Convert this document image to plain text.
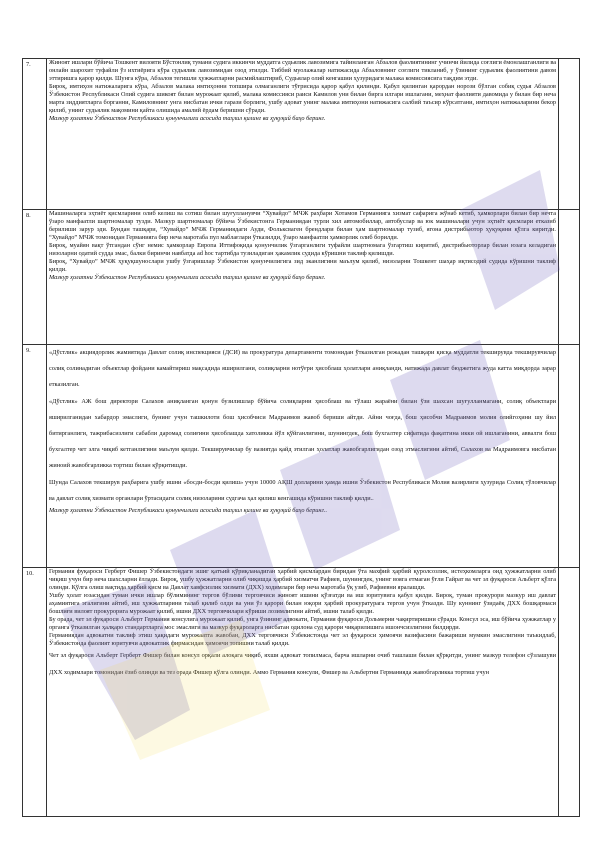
7.	Жиноят ишлари бўйича Тошкент вилояти Бўстонлиқ тумани судига иккинчи муддатга судьялик лавозимига тайинланган Абзалов фаолиятининг учинчи йилида соғлиги ёмонлашганлиги ва онлайн шарохит туфайли ўз ихтиёрига кўра судьялик лавозимидан озод этилди. Тиббий муолажалар натижасида Абзаловнинг соғлиги тикланиб, у ўзининг судьялик фаолиятини давом эттиришга қарор қилди. Шунга кўра, Абзалов тегишли ҳужжатларни расмийлаштириб, Судьялар олий кенгашии ҳузуридаги малака комиссиясига тақдим этди.

Бироқ, имтиҳон натижаларига кўра, Абзалов малака имтиҳонни топшира олмаганлиги тўғрисида қарор қабул қилинди. Қабул қилинган қарордан норози бўлган собиқ судья Абзалов Ўзбекистон Республикаси Олий судига шикоят билан мурожаат қилиб, малака комиссияси раиси Камилов уни билан бирга илгари ишлагани, меҳнат фаолияти давомида у билан бир неча марта зиддиятларга борганни, Камиловнинг унга нисбатан ички гарази борлиги, ушбу адоват унинг малака имтиҳони натижасига салбий таъсир кўрсатгани, имтиҳон натижаларини бекор қилиб, унинг судьялик мақомини қайта олишида амалий ёрдам беришни сўради.

Мазкур ҳолатни Ўзбекистон Республикаси қонунчилиги асосида таҳлил қилинг ва ҳуқуқий баҳо беринг.	

8.	Машиналарга эҳтиёт қисмларини олиб келиш ва сотиш билан шуғулланувчи “Хувайдо” МЧЖ раҳбари Хотамов Германияга хизмат сафарига жўнаб кетиб, ҳамкорлари билан бир нечта ўзаро манфаатли шартномалар тузди. Мазкур шартномалар бўйича Ўзбекистонга Германиядан турли хил автомобиллар, автобуслар ва юк машиналари учун эҳтиёт қисмлари етказиб берилиши зарур эди. Бундан ташқари, “Хувайдо” МЧЖ Германиядаги Ауди, Фольксваген брендлари билан ҳам шартномалар тузиб, ягона дистрибьютор ҳуқуқини қўлга киритди. “Хувайдо” МЧЖ томонидан Германияга бир неча маротаба пул маблағлари ўтказилди, ўзаро манфаатли ҳамкорлик олиб борилди.

Бироқ, муайян вақт ўтгандан сўнг немис ҳамкорлар Европа Иттифоқида қонунчилик ўзгарганлиги туфайли шартномага ўзгартиш киритиб, дистрибьюторлар билан юзага келадиган низоларни одатий судда эмас, балки биринчи навбатда ad hoc тартибда тузиладиган ҳакамлик судида кўришни таклиф қилишди.

Бироқ, “Хувайдо” МЧЖ ҳуқуқшунослари ушбу ўзгаришлар Ўзбекистон қонунчилигига зид эканлигини маълум қилиб, низоларни Тошкент шаҳар иқтисодий судида кўришни таклиф қилди.

Мазкур ҳолатни Ўзбекистон Республикаси қонунчилиги асосида таҳлил қилинг ва ҳуқуқий баҳо беринг.	

9.	«Дўстлик» акциядорлик жамиятида Давлат солиқ инспекцияси (ДСИ) ва прокуратура департаменти томонидан ўтказилган режадан ташқари қисқа муддатли текширувда текширувчилар солиқ солинадиган объектлар фойдани камайтириш мақсадида яширилгани, солиқларни нотўғри ҳисоблаш ҳолатлари аниқланди, натижада давлат бюджетига жуда катта миқдорда зарар етказилган.

«Дўстлик» АЖ бош директори Салахов аниқланган қонун бузилишлар бўйича солиқларни ҳисоблаш ва тўлаш жараёни билан ўзи шахсан шуғулланмагани, солиқ объектлари яширилганидан хабардор эмаслиги, бунинг учун ташкилоти бош ҳисобчиси Мадраимов жавоб бериши айтди. Айни чоғда, бош ҳисобчи Мадраимов молия олийгоҳини шу йил битирганлиги, тажрибасизлиги сабабли даромад солиғини ҳисоблашда хатоликка йўл қўйганлигини, шунингдек, бош бухгалтер сифатида фақатгина икки ой ишлаганини, аввалги бош бухгалтер чет элга чиқиб кетганлигини маълум қилди. Текширувчилар бу вазиятда қайд этилган ҳолатлар жавобгарлигидан озод этмаслигини айтиб, Салахов ва Мадраимовга нисбатан жиноий жавобгарликка тортиш билан қўрқитишди.

Шунда Салахов текширув раҳбарига ушбу ишни «босди-босди қилиш» учун 10000 АҚШ долларини ҳамда ишни Ўзбекистон Республикаси Молия вазирлиги ҳузурида Солиқ тўловчилар ва давлат солиқ хизмати органлари ўртасидаги солиқ низоларини судгача ҳал қилиш кенгашида кўришни таклиф қилди..

Мазкур ҳолатни Ўзбекистон Республикаси қонунчилиги асосида таҳлил қилинг ва ҳуқуқий баҳо беринг..	

10.	Германия фуқароси Герберт Фишер Ўзбекистондаги эшиг қатъий қўриқланадиган ҳарбий қисмлардан биридан ўта махфий ҳарбий қуролсозлик, истеҳкомларга оид ҳужжатларни олиб чиқиш учун бир неча шахсларни ёллади. Бироқ, ушбу ҳужжатларни олиб чиқишда ҳарбий хизматчи Рафиев, шунингдек, унинг вояга етмаган ўғли Гайрат ва чет эл фуқароси Альберт қўлга олинди. Қўлга олиш вақтида ҳарбий қисм ва Давлат хавфсизлик хизмати (ДХХ) ходимлари бир неча маротаба ўқ узиб, Рафиевни яралашди.

Ушбу ҳолат юзасидан туман ички ишлар бўлимининг тергов бўлими терговчиси жиноят ишини қўзғатди ва иш юритувига қабул қилди. Бироқ, туман прокурори мазкур иш давлат аҳамиятига эгалигини айтиб, иш ҳужжатларини талаб қилиб олди ва уни ўз қарори билан юқори ҳарбий прокуратурага тергов учун ўтказди. Шу куннинг ўзидаёқ ДХХ бошқармаси бошлиғи вилоят прокурорига мурожаат қилиб, ишни ДХХ терговчилари кўриши лозимлигини айтиб, ишни талаб қилди.

Бу орада, чет эл фуқароси Альберт Германия консулига мурожаат қилиб, унга ўзининг адвокати, Германия фуқароси Дольмерни чақиртиришни сўради. Консул эса, иш бўйича ҳужжатлар у органга ўтказилган ҳалқаро стандартларга мос эмаслиги ва мазкур фуқароларга нисбатан одилона суд қарори чиқарилишига ишончсизлигини билдирди.

Германиядан адвокатни таклиф этиш ҳақидаги мурожаатга жавобан, ДХХ терговчиси Ўзбекистонда чет эл фуқароси ҳимоячи вазифасини бажариши мумкин эмаслигини таъкидлаб, Ўзбекистонда фаолият юритувчи адвокатлик фирмасидан ҳимоячи топишни талаб қилди.

Чет эл фуқароси Альберт Герберт Фишер билан консул орқали алоқага чиқиб, яхши адвокат топилмаса, барча ишларни очиб ташлаши билан қўрқитди, унинг мазкур телефон сўзлашуви ДХХ ходимлари томонидан ёзиб олинди ва тез орада Фишер қўлга олинди. Аммо Германия консули, Фишер ва Альбертни Германияда жавобгарликка тортиш учун	
